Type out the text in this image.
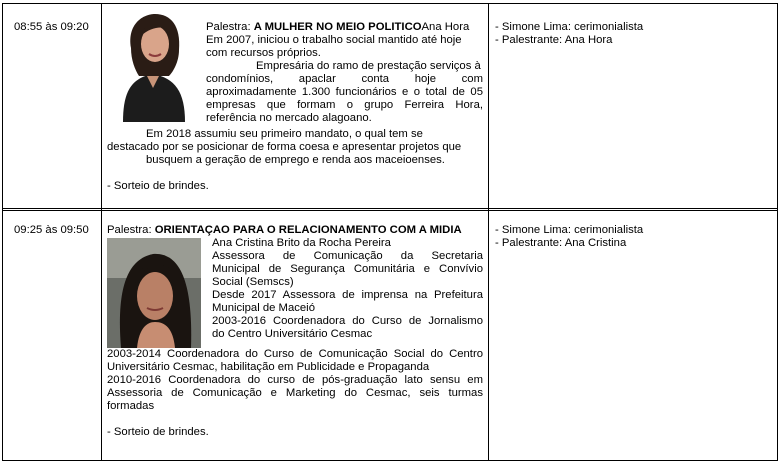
08:55 às 09:20	Palestra: A MULHER NO MEIO POLITICOAna Hora
Em 2007, iniciou o trabalho social mantido até hoje
com recursos próprios.
Empresária do ramo de prestação serviços à
condomínios, apaclar conta hoje com
aproximadamente 1.300 funcionários e o total de 05
empresas que formam o grupo Ferreira Hora,
referência no mercado alagoano.
Em 2018 assumiu seu primeiro mandato, o qual tem se
destacado por se posicionar de forma coesa e apresentar projetos que
busquem a geração de emprego e renda aos maceioenses.
- Sorteio de brindes.
- Simone Lima: cerimonialista
- Palestrante: Ana Hora
09:25 às 09:50 Palestra: ORIENTAÇAO PARA O RELACIONAMENTO COM A MIDIA
Ana Cristina Brito da Rocha Pereira
Assessora de Comunicação da Secretaria
Municipal de Segurança Comunitária e Convívio
Social (Semscs)
Desde 2017 Assessora de imprensa na Prefeitura
Municipal de Maceió
2003-2016 Coordenadora do Curso de Jornalismo
do Centro Universitário Cesmac
2003-2014 Coordenadora do Curso de Comunicação Social do Centro
Universitário Cesmac, habilitação em Publicidade e Propaganda
2010-2016 Coordenadora do curso de pós-graduação lato sensu em
Assessoria de Comunicação e Marketing do Cesmac, seis turmas
formadas
- Sorteio de brindes.
- Simone Lima: cerimonialista
- Palestrante: Ana Cristina
